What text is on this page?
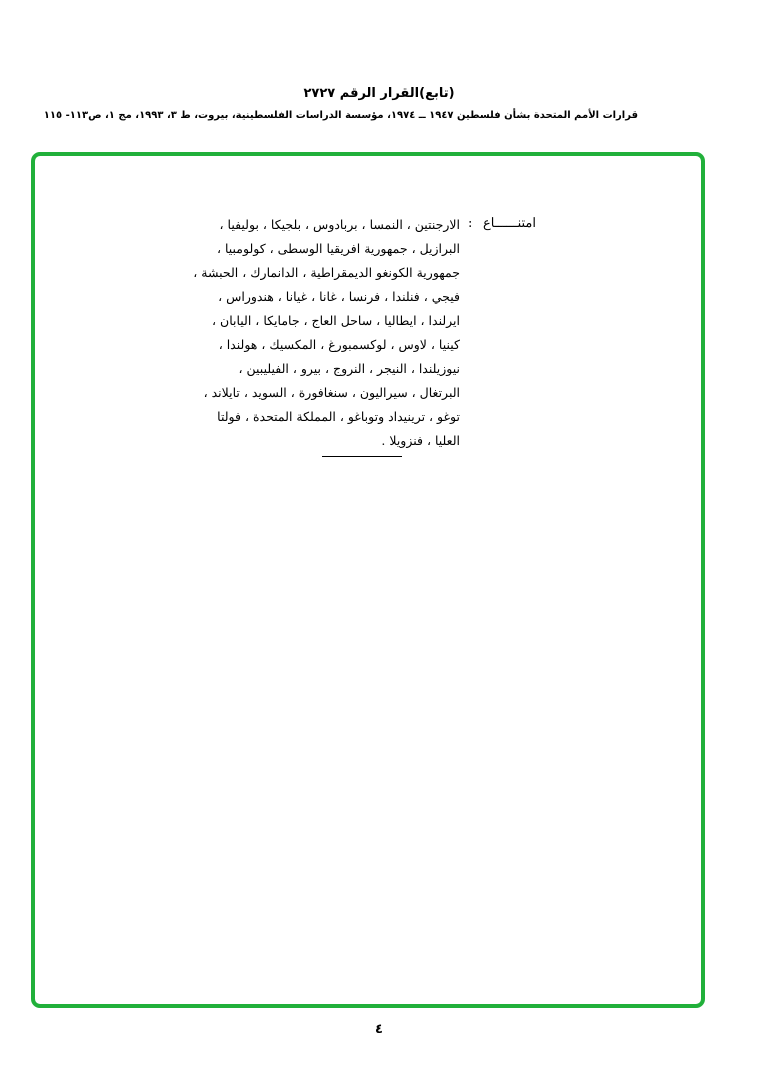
(تابع)القرار الرقم ٢٧٢٧
قرارات الأمم المتحدة بشأن فلسطين ١٩٤٧ ــ ١٩٧٤، مؤسسة الدراسات الفلسطينية، بيروت، ط ٣، ١٩٩٣، مج ١، ص١١٣- ١١٥
امتنــــــاع
:
الارجنتين ، النمسا ، بربادوس ، بلجيكا ، بوليفيا ،
البرازيل ، جمهورية افريقيا الوسطى ، كولومبيا ،
جمهورية الكونغو الديمقراطية ، الدانمارك ، الحبشة ،
فيجي ، فنلندا ، فرنسا ، غانا ، غيانا ، هندوراس ،
ايرلندا ، ايطاليا ، ساحل العاج ، جامايكا ، اليابان ،
كينيا ، لاوس ، لوكسمبورغ ، المكسيك ، هولندا ،
نيوزيلندا ، النيجر ، النروج ، بيرو ، الفيليبين ،
البرتغال ، سيراليون ، سنغافورة ، السويد ، تايلاند ،
توغو ، ترينيداد وتوباغو ، المملكة المتحدة ، فولتا
العليا ، فنزويلا .
٤
